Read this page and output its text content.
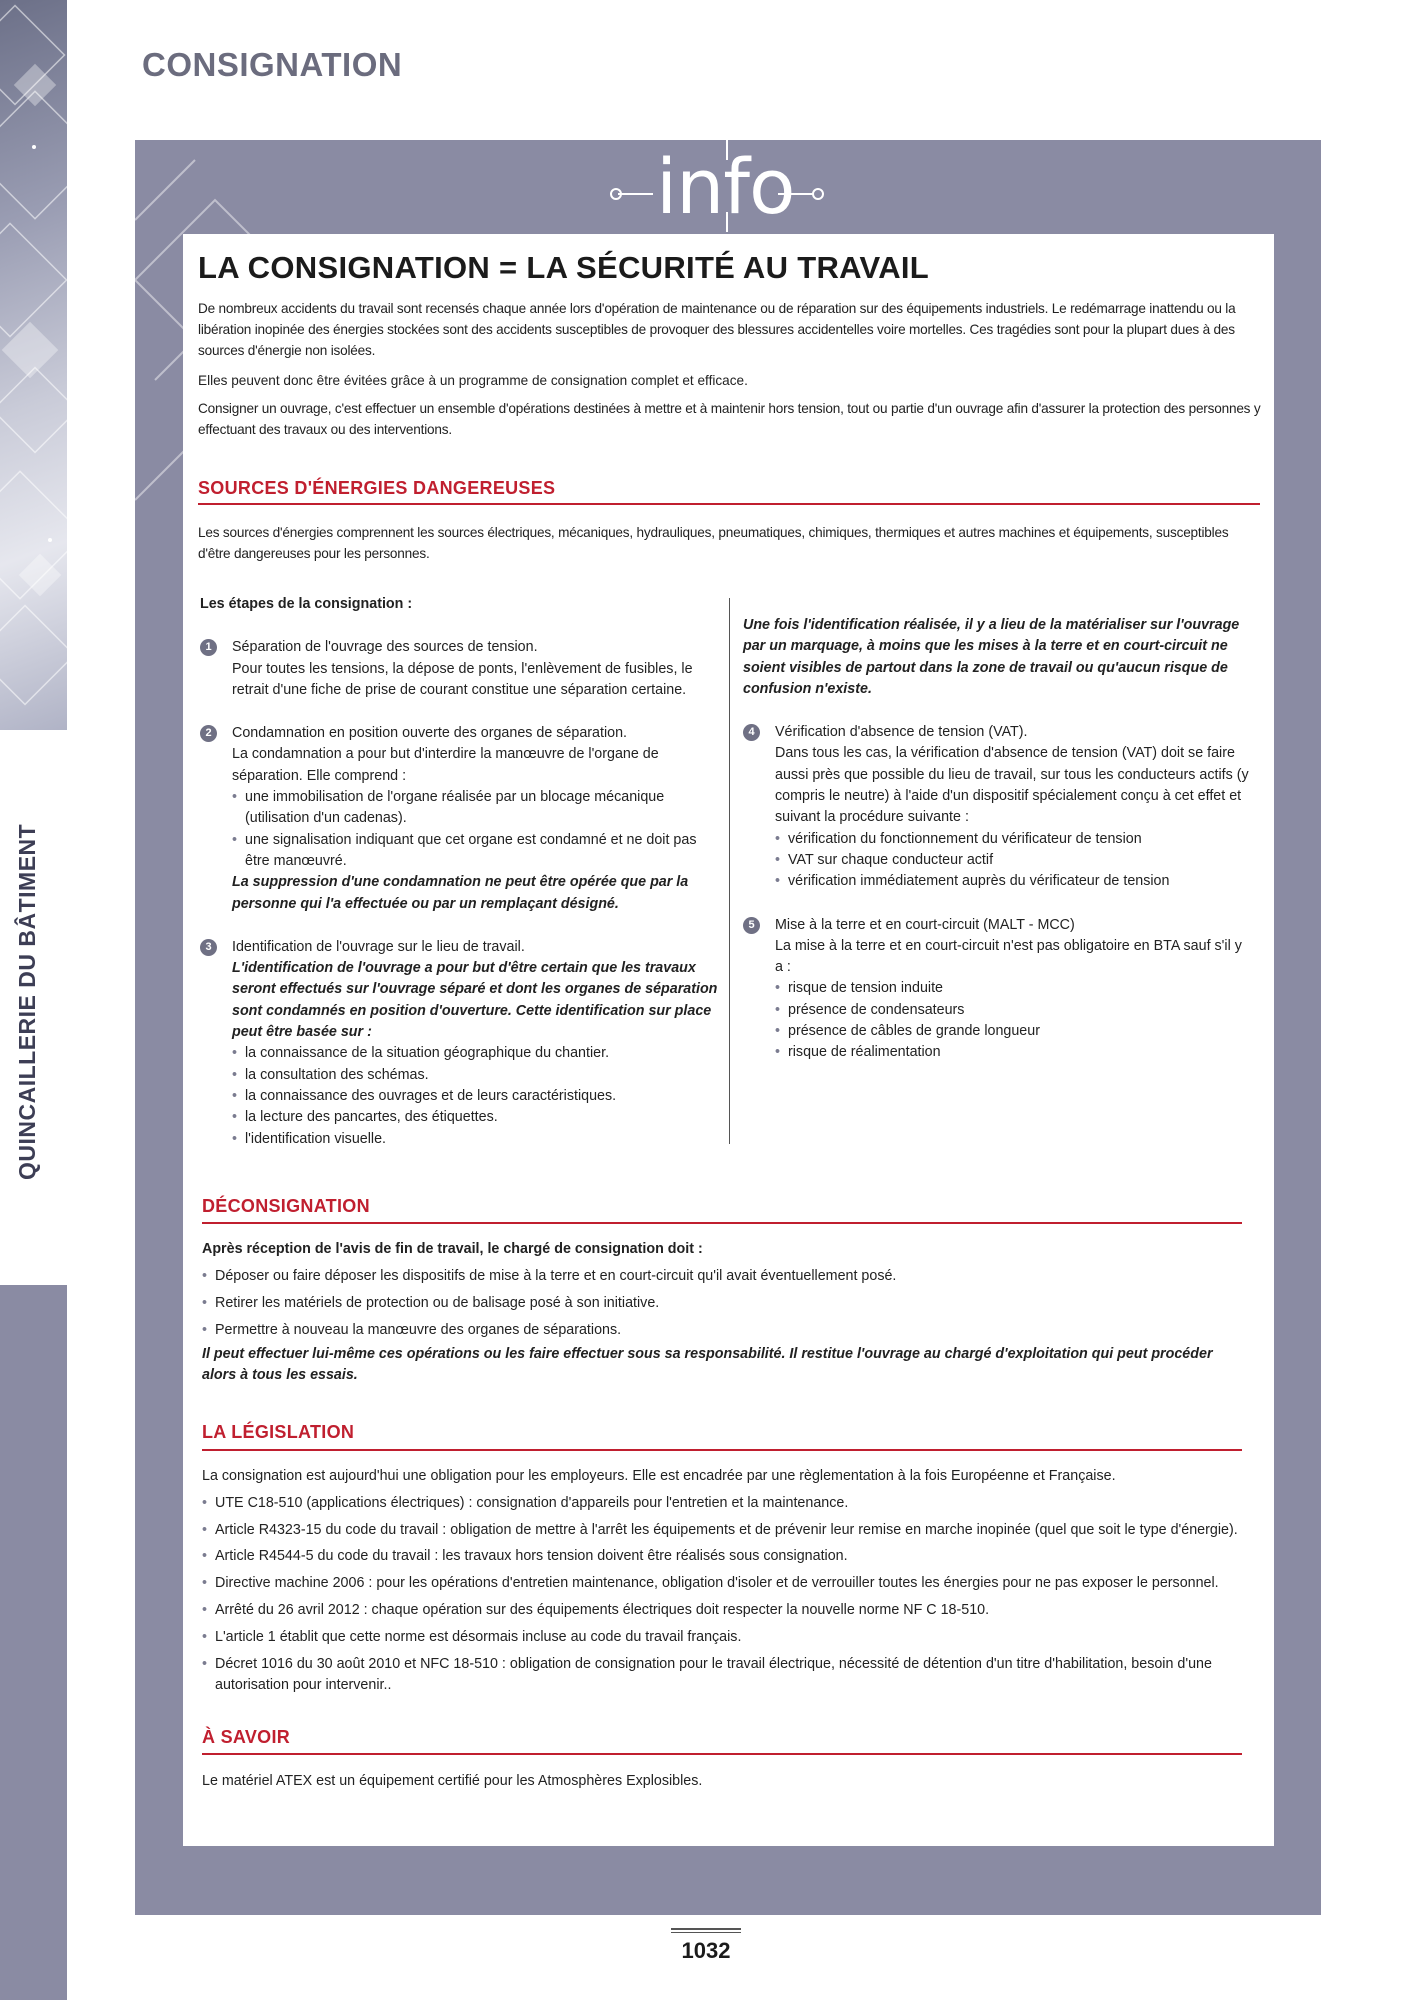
QUINCAILLERIE DU BÂTIMENT
CONSIGNATION
info
LA CONSIGNATION = LA SÉCURITÉ AU TRAVAIL
De nombreux accidents du travail sont recensés chaque année lors d'opération de maintenance ou de réparation sur des équipements industriels. Le redémarrage inattendu ou la libération inopinée des énergies stockées sont des accidents susceptibles de provoquer des blessures accidentelles voire mortelles. Ces tragédies sont pour la plupart dues à des sources d'énergie non isolées.
Elles peuvent donc être évitées grâce à un programme de consignation complet et efficace.
Consigner un ouvrage, c'est effectuer un ensemble d'opérations destinées à mettre et à maintenir hors tension, tout ou partie d'un ouvrage afin d'assurer la protection des personnes y effectuant des travaux ou des interventions.
SOURCES D'ÉNERGIES DANGEREUSES
Les sources d'énergies comprennent les sources électriques, mécaniques, hydrauliques, pneumatiques, chimiques, thermiques et autres machines et équipements, susceptibles d'être dangereuses pour les personnes.
Les étapes de la consignation :
1	Séparation de l'ouvrage des sources de tension.
Pour toutes les tensions, la dépose de ponts, l'enlèvement de fusibles, le retrait d'une fiche de prise de courant constitue une séparation certaine.
2	Condamnation en position ouverte des organes de séparation.
La condamnation a pour but d'interdire la manœuvre de l'organe de séparation. Elle comprend :
• une immobilisation de l'organe réalisée par un blocage mécanique (utilisation d'un cadenas).
• une signalisation indiquant que cet organe est condamné et ne doit pas être manœuvré.
La suppression d'une condamnation ne peut être opérée que par la personne qui l'a effectuée ou par un remplaçant désigné.
3	Identification de l'ouvrage sur le lieu de travail.
L'identification de l'ouvrage a pour but d'être certain que les travaux seront effectués sur l'ouvrage séparé et dont les organes de séparation sont condamnés en position d'ouverture. Cette identification sur place peut être basée sur :
• la connaissance de la situation géographique du chantier.
• la consultation des schémas.
• la connaissance des ouvrages et de leurs caractéristiques.
• la lecture des pancartes, des étiquettes.
• l'identification visuelle.
Une fois l'identification réalisée, il y a lieu de la matérialiser sur l'ouvrage par un marquage, à moins que les mises à la terre et en court-circuit ne soient visibles de partout dans la zone de travail ou qu'aucun risque de confusion n'existe.
4	Vérification d'absence de tension (VAT).
Dans tous les cas, la vérification d'absence de tension (VAT) doit se faire aussi près que possible du lieu de travail, sur tous les conducteurs actifs (y compris le neutre) à l'aide d'un dispositif spécialement conçu à cet effet et suivant la procédure suivante :
• vérification du fonctionnement du vérificateur de tension
• VAT sur chaque conducteur actif
• vérification immédiatement auprès du vérificateur de tension
5	Mise à la terre et en court-circuit (MALT - MCC)
La mise à la terre et en court-circuit n'est pas obligatoire en BTA sauf s'il y a :
• risque de tension induite
• présence de condensateurs
• présence de câbles de grande longueur
• risque de réalimentation
DÉCONSIGNATION
Après réception de l'avis de fin de travail, le chargé de consignation doit :
• Déposer ou faire déposer les dispositifs de mise à la terre et en court-circuit qu'il avait éventuellement posé.
• Retirer les matériels de protection ou de balisage posé à son initiative.
• Permettre à nouveau la manœuvre des organes de séparations.
Il peut effectuer lui-même ces opérations ou les faire effectuer sous sa responsabilité. Il restitue l'ouvrage au chargé d'exploitation qui peut procéder alors à tous les essais.
LA LÉGISLATION
La consignation est aujourd'hui une obligation pour les employeurs. Elle est encadrée par une règlementation à la fois Européenne et Française.
• UTE C18-510 (applications électriques) : consignation d'appareils pour l'entretien et la maintenance.
• Article R4323-15 du code du travail : obligation de mettre à l'arrêt les équipements et de prévenir leur remise en marche inopinée (quel que soit le type d'énergie).
• Article R4544-5 du code du travail : les travaux hors tension doivent être réalisés sous consignation.
• Directive machine 2006 : pour les opérations d'entretien maintenance, obligation d'isoler et de verrouiller toutes les énergies pour ne pas exposer le personnel.
• Arrêté du 26 avril 2012 : chaque opération sur des équipements électriques doit respecter la nouvelle norme NF C 18-510.
• L'article 1 établit que cette norme est désormais incluse au code du travail français.
• Décret 1016 du 30 août 2010 et NFC 18-510 : obligation de consignation pour le travail électrique, nécessité de détention d'un titre d'habilitation, besoin d'une autorisation pour intervenir..
À SAVOIR
Le matériel ATEX est un équipement certifié pour les Atmosphères Explosibles.
1032
